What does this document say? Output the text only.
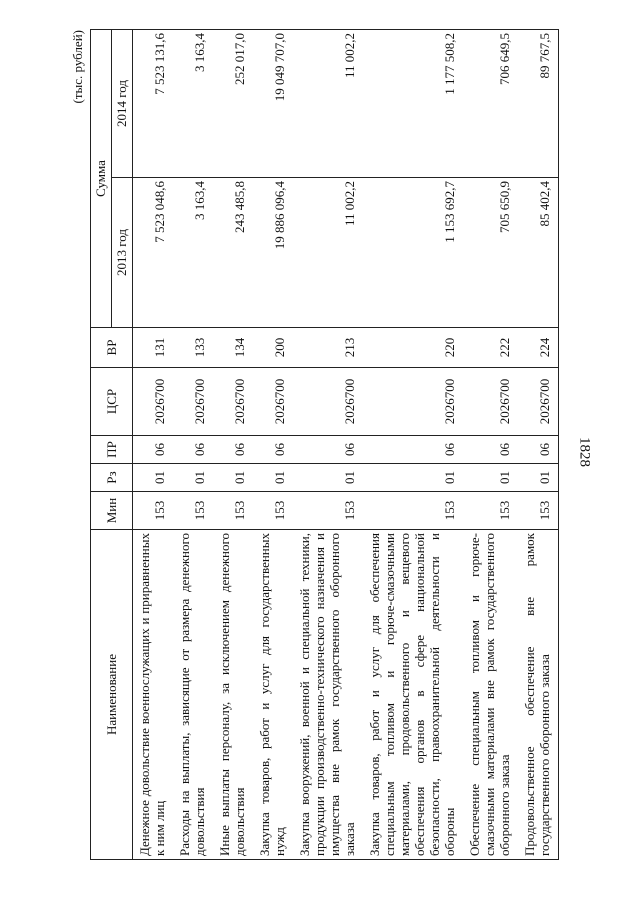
1828
(тыс. рублей)
Наименование	Мин	Рз	ПР	ЦСР	ВР	Сумма	
						2013 год	2014 год
Денежное довольствие военнослужащих и приравненных к ним лиц	153	01	06	2026700	131	7 523 048,6	7 523 131,6
Расходы на выплаты, зависящие от размера денежного довольствия	153	01	06	2026700	133	3 163,4	3 163,4
Иные выплаты персоналу, за исключением денежного довольствия	153	01	06	2026700	134	243 485,8	252 017,0
Закупка товаров, работ и услуг для государственных нужд	153	01	06	2026700	200	19 886 096,4	19 049 707,0
Закупка вооружений, военной и специальной техники, продукции производственно-технического назначения и имущества вне рамок государственного оборонного заказа	153	01	06	2026700	213	11 002,2	11 002,2
Закупка товаров, работ и услуг для обеспечения специальным топливом и горюче-смазочными материалами, продовольственного и вещевого обеспечения органов в сфере национальной безопасности, правоохранительной деятельности и обороны	153	01	06	2026700	220	1 153 692,7	1 177 508,2
Обеспечение специальным топливом и горюче-смазочными материалами вне рамок государственного оборонного заказа	153	01	06	2026700	222	705 650,9	706 649,5
Продовольственное обеспечение вне рамок государственного оборонного заказа	153	01	06	2026700	224	85 402,4	89 767,5
